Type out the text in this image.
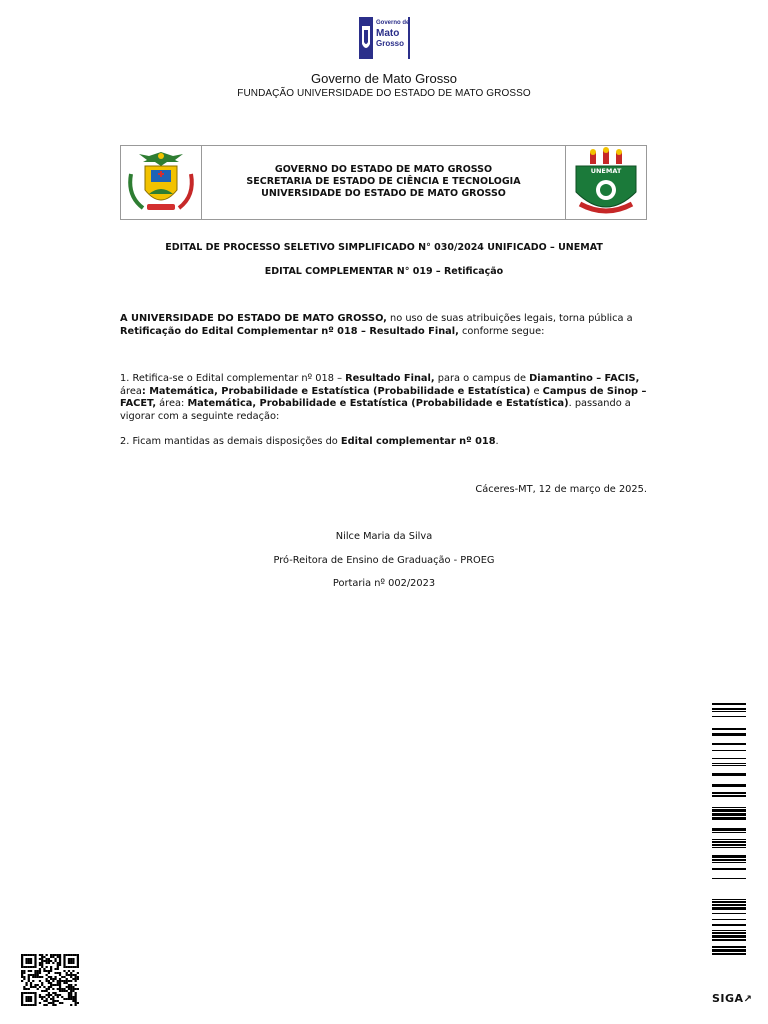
Governo de
Mato
Grosso
Governo de Mato Grosso
FUNDAÇÃO UNIVERSIDADE DO ESTADO DE MATO GROSSO
GOVERNO DO ESTADO DE MATO GROSSO
SECRETARIA DE ESTADO DE CIÊNCIA E TECNOLOGIA
UNIVERSIDADE DO ESTADO DE MATO GROSSO
UNEMAT
EDITAL DE PROCESSO SELETIVO SIMPLIFICADO N° 030/2024 UNIFICADO – UNEMAT
EDITAL COMPLEMENTAR N° 019 – Retificação
A UNIVERSIDADE DO ESTADO DE MATO GROSSO, no uso de suas atribuições legais, torna pública a Retificação do Edital Complementar nº 018 – Resultado Final, conforme segue:
1. Retifica-se o Edital complementar nº 018 – Resultado Final, para o campus de Diamantino – FACIS, área: Matemática, Probabilidade e Estatística (Probabilidade e Estatística) e Campus de Sinop – FACET, área: Matemática, Probabilidade e Estatística (Probabilidade e Estatística). passando a vigorar com a seguinte redação:
2. Ficam mantidas as demais disposições do Edital complementar nº 018.
Cáceres-MT, 12 de março de 2025.
Nilce Maria da Silva
Pró-Reitora de Ensino de Graduação - PROEG
Portaria nº 002/2023
SIGA↗
